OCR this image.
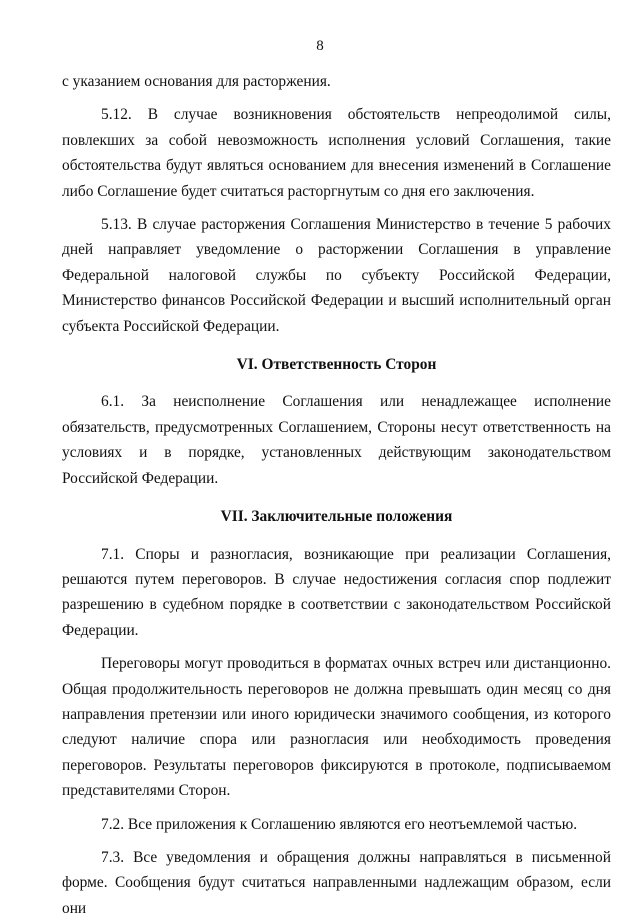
8

с указанием основания для расторжения.

5.12. В случае возникновения обстоятельств непреодолимой силы, повлекших за собой невозможность исполнения условий Соглашения, такие обстоятельства будут являться основанием для внесения изменений в Соглашение либо Соглашение будет считаться расторгнутым со дня его заключения.

5.13. В случае расторжения Соглашения Министерство в течение 5 рабочих дней направляет уведомление о расторжении Соглашения в управление Федеральной налоговой службы по субъекту Российской Федерации, Министерство финансов Российской Федерации и высший исполнительный орган субъекта Российской Федерации.

VI. Ответственность Сторон

6.1. За неисполнение Соглашения или ненадлежащее исполнение обязательств, предусмотренных Соглашением, Стороны несут ответственность на условиях и в порядке, установленных действующим законодательством Российской Федерации.

VII. Заключительные положения

7.1. Споры и разногласия, возникающие при реализации Соглашения, решаются путем переговоров. В случае недостижения согласия спор подлежит разрешению в судебном порядке в соответствии с законодательством Российской Федерации.

Переговоры могут проводиться в форматах очных встреч или дистанционно. Общая продолжительность переговоров не должна превышать один месяц со дня направления претензии или иного юридически значимого сообщения, из которого следуют наличие спора или разногласия или необходимость проведения переговоров. Результаты переговоров фиксируются в протоколе, подписываемом представителями Сторон.

7.2. Все приложения к Соглашению являются его неотъемлемой частью.

7.3. Все уведомления и обращения должны направляться в письменной форме. Сообщения будут считаться направленными надлежащим образом, если они
